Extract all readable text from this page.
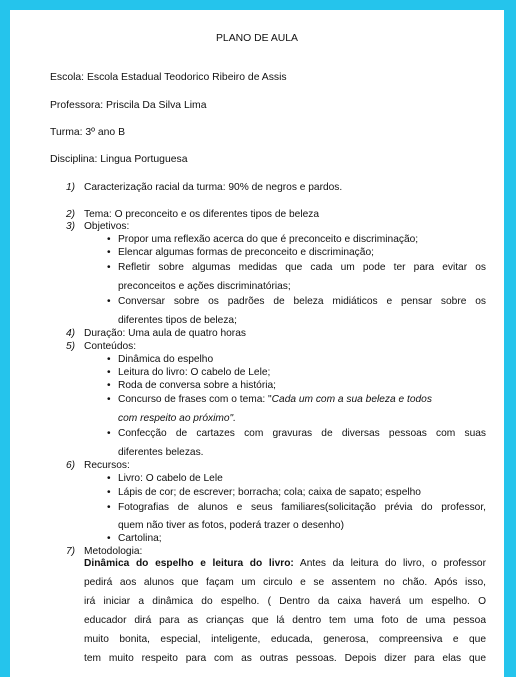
PLANO DE AULA
Escola: Escola Estadual Teodorico Ribeiro de Assis
Professora: Priscila Da Silva Lima
Turma: 3º ano B
Disciplina: Lingua Portuguesa
1) Caracterização racial da turma: 90% de negros e pardos.
2) Tema: O preconceito e os diferentes tipos de beleza
3) Objetivos:
• Propor uma reflexão acerca do que é preconceito e discriminação;
• Elencar algumas formas de preconceito e discriminação;
• Refletir sobre algumas medidas que cada um pode ter para evitar os
preconceitos e ações discriminatórias;
• Conversar sobre os padrões de beleza midiáticos e pensar sobre os
diferentes tipos de beleza;
4) Duração: Uma aula de quatro horas
5) Conteúdos:
• Dinâmica do espelho
• Leitura do livro: O cabelo de Lele;
• Roda de conversa sobre a história;
• Concurso de frases com o tema: "Cada um com a sua beleza e todos
com respeito ao próximo".
• Confecção de cartazes com gravuras de diversas pessoas com suas
diferentes belezas.
6) Recursos:
• Livro: O cabelo de Lele
• Lápis de cor; de escrever; borracha; cola; caixa de sapato; espelho
• Fotografias de alunos e seus familiares(solicitação prévia do professor,
quem não tiver as fotos, poderá trazer o desenho)
• Cartolina;
7) Metodologia:
Dinâmica do espelho e leitura do livro: Antes da leitura do livro, o professor
pedirá aos alunos que façam um circulo e se assentem no chão. Após isso,
irá iniciar a dinâmica do espelho. ( Dentro da caixa haverá um espelho. O
educador dirá para as crianças que lá dentro tem uma foto de uma pessoa
muito bonita, especial, inteligente, educada, generosa, compreensiva e que
tem muito respeito para com as outras pessoas. Depois dizer para elas que
